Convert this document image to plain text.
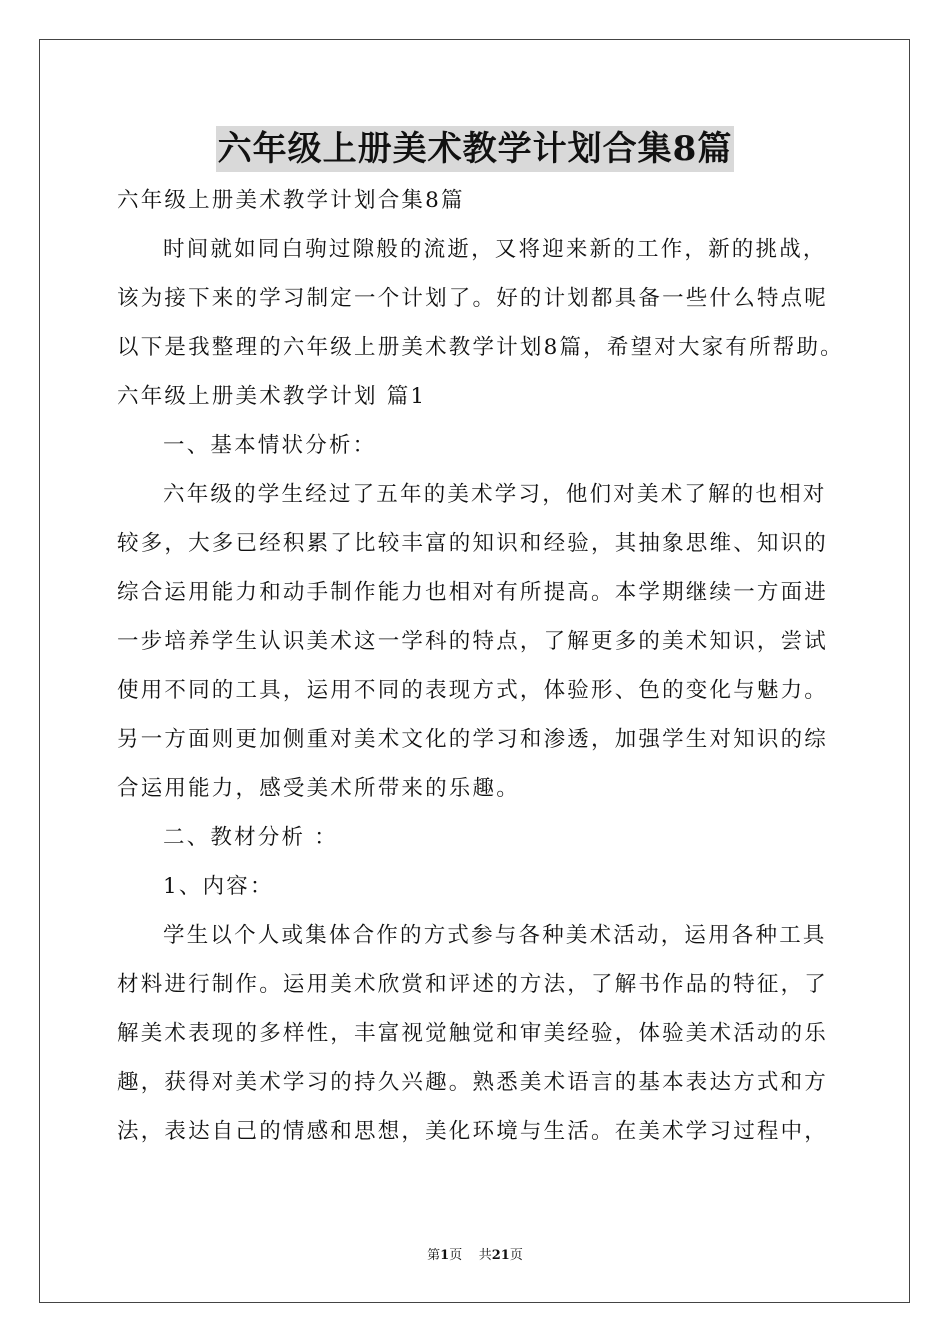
六年级上册美术教学计划合集8篇
六年级上册美术教学计划合集8篇
时间就如同白驹过隙般的流逝，又将迎来新的工作，新的挑战，
该为接下来的学习制定一个计划了。好的计划都具备一些什么特点呢
以下是我整理的六年级上册美术教学计划8篇，希望对大家有所帮助。
六年级上册美术教学计划 篇1
一、基本情状分析：
六年级的学生经过了五年的美术学习，他们对美术了解的也相对
较多，大多已经积累了比较丰富的知识和经验，其抽象思维、知识的
综合运用能力和动手制作能力也相对有所提高。本学期继续一方面进
一步培养学生认识美术这一学科的特点，了解更多的美术知识，尝试
使用不同的工具，运用不同的表现方式，体验形、色的变化与魅力。
另一方面则更加侧重对美术文化的学习和渗透，加强学生对知识的综
合运用能力，感受美术所带来的乐趣。
二、教材分析 ：
1、内容：
学生以个人或集体合作的方式参与各种美术活动，运用各种工具
材料进行制作。运用美术欣赏和评述的方法，了解书作品的特征，了
解美术表现的多样性，丰富视觉触觉和审美经验，体验美术活动的乐
趣，获得对美术学习的持久兴趣。熟悉美术语言的基本表达方式和方
法，表达自己的情感和思想，美化环境与生活。在美术学习过程中，
第1页 共21页
